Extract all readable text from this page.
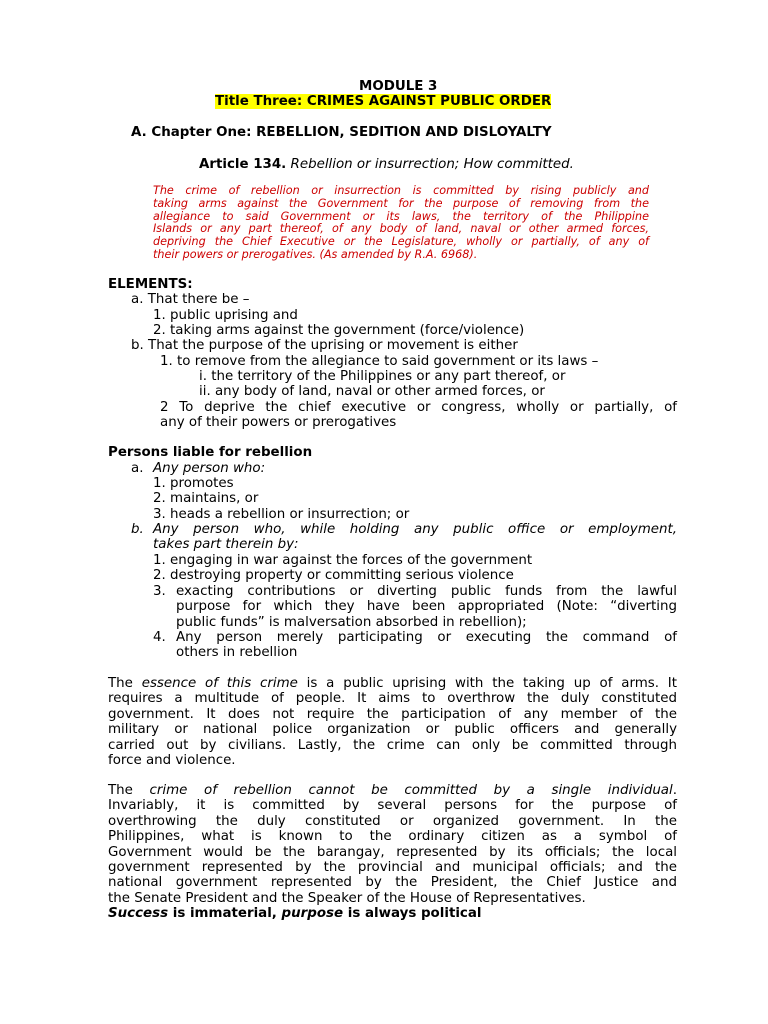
MODULE 3
Title Three: CRIMES AGAINST PUBLIC ORDER
A. Chapter One: REBELLION, SEDITION AND DISLOYALTY
Article 134. Rebellion or insurrection; How committed.
The crime of rebellion or insurrection is committed by rising publicly and
taking arms against the Government for the purpose of removing from the
allegiance to said Government or its laws, the territory of the Philippine
Islands or any part thereof, of any body of land, naval or other armed forces,
depriving the Chief Executive or the Legislature, wholly or partially, of any of
their powers or prerogatives. (As amended by R.A. 6968).
ELEMENTS:
a. That there be –
1. public uprising and
2. taking arms against the government (force/violence)
b. That the purpose of the uprising or movement is either
1. to remove from the allegiance to said government or its laws –
i. the territory of the Philippines or any part thereof, or
ii. any body of land, naval or other armed forces, or
2 To deprive the chief executive or congress, wholly or partially, of
any of their powers or prerogatives
Persons liable for rebellion
a. Any person who:
1. promotes
2. maintains, or
3. heads a rebellion or insurrection; or
b. Any person who, while holding any public office or employment,
takes part therein by:
1. engaging in war against the forces of the government
2. destroying property or committing serious violence
3. exacting contributions or diverting public funds from the lawful
purpose for which they have been appropriated (Note: “diverting
public funds” is malversation absorbed in rebellion);
4. Any person merely participating or executing the command of
others in rebellion
The essence of this crime is a public uprising with the taking up of arms. It
requires a multitude of people. It aims to overthrow the duly constituted
government. It does not require the participation of any member of the
military or national police organization or public officers and generally
carried out by civilians. Lastly, the crime can only be committed through
force and violence.
The crime of rebellion cannot be committed by a single individual.
Invariably, it is committed by several persons for the purpose of
overthrowing the duly constituted or organized government. In the
Philippines, what is known to the ordinary citizen as a symbol of
Government would be the barangay, represented by its officials; the local
government represented by the provincial and municipal officials; and the
national government represented by the President, the Chief Justice and
the Senate President and the Speaker of the House of Representatives.
Success is immaterial, purpose is always political
